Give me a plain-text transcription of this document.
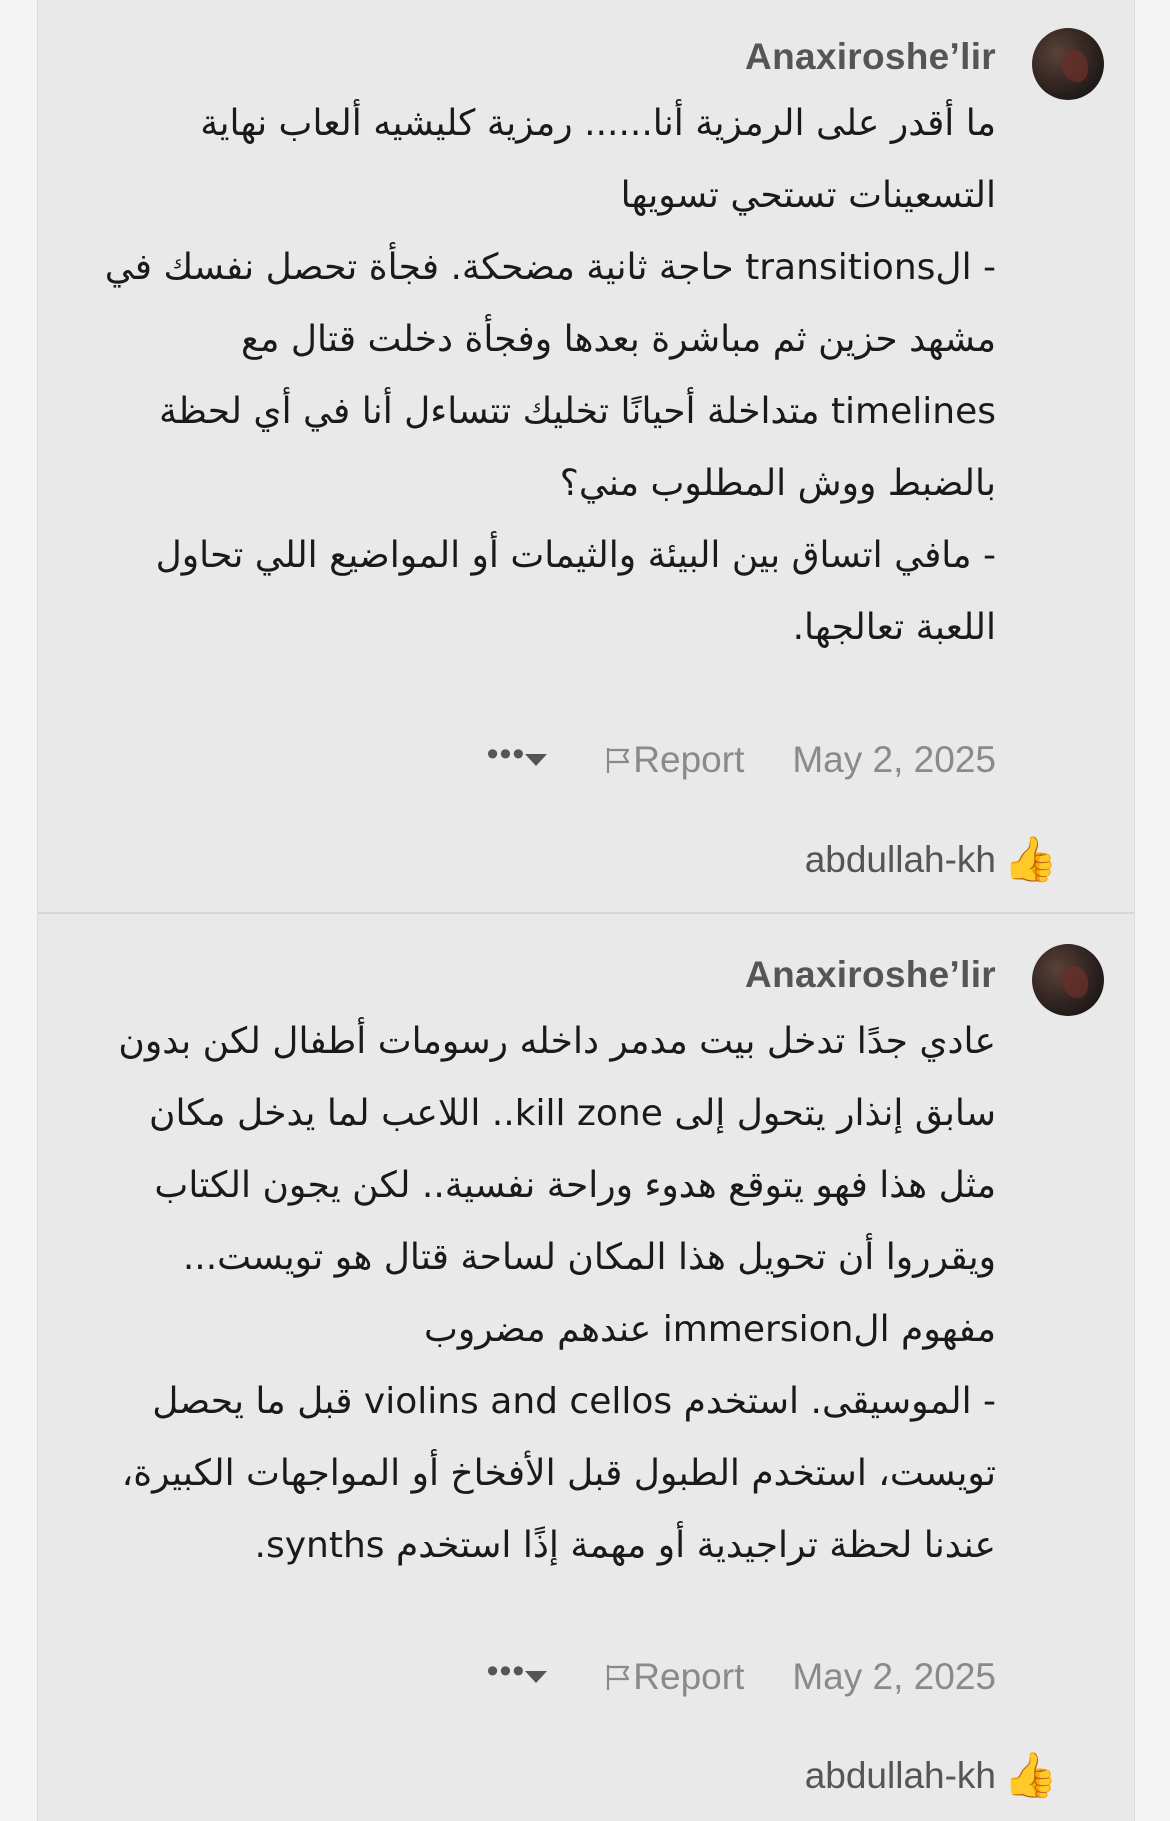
Anaxiroshe’lir

ما أقدر على الرمزية أنا...... رمزية كليشيه ألعاب نهاية التسعينات تستحي تسويها

- الtransitions حاجة ثانية مضحكة. فجأة تحصل نفسك في مشهد حزين ثم مباشرة بعدها وفجأة دخلت قتال مع timelines متداخلة أحيانًا تخليك تتساءل أنا في أي لحظة بالضبط ووش المطلوب مني؟

- مافي اتساق بين البيئة والثيمات أو المواضيع اللي تحاول اللعبة تعالجها.

May 2, 2025
Report
•••
👍
abdullah-kh
Anaxiroshe’lir

عادي جدًا تدخل بيت مدمر داخله رسومات أطفال لكن بدون سابق إنذار يتحول إلى kill zone.. اللاعب لما يدخل مكان مثل هذا فهو يتوقع هدوء وراحة نفسية.. لكن يجون الكتاب ويقرروا أن تحويل هذا المكان لساحة قتال هو تويست... مفهوم الimmersion عندهم مضروب

- الموسيقى. استخدم violins and cellos قبل ما يحصل تويست، استخدم الطبول قبل الأفخاخ أو المواجهات الكبيرة، عندنا لحظة تراجيدية أو مهمة إذًا استخدم synths.

May 2, 2025
Report
•••
👍
abdullah-kh
